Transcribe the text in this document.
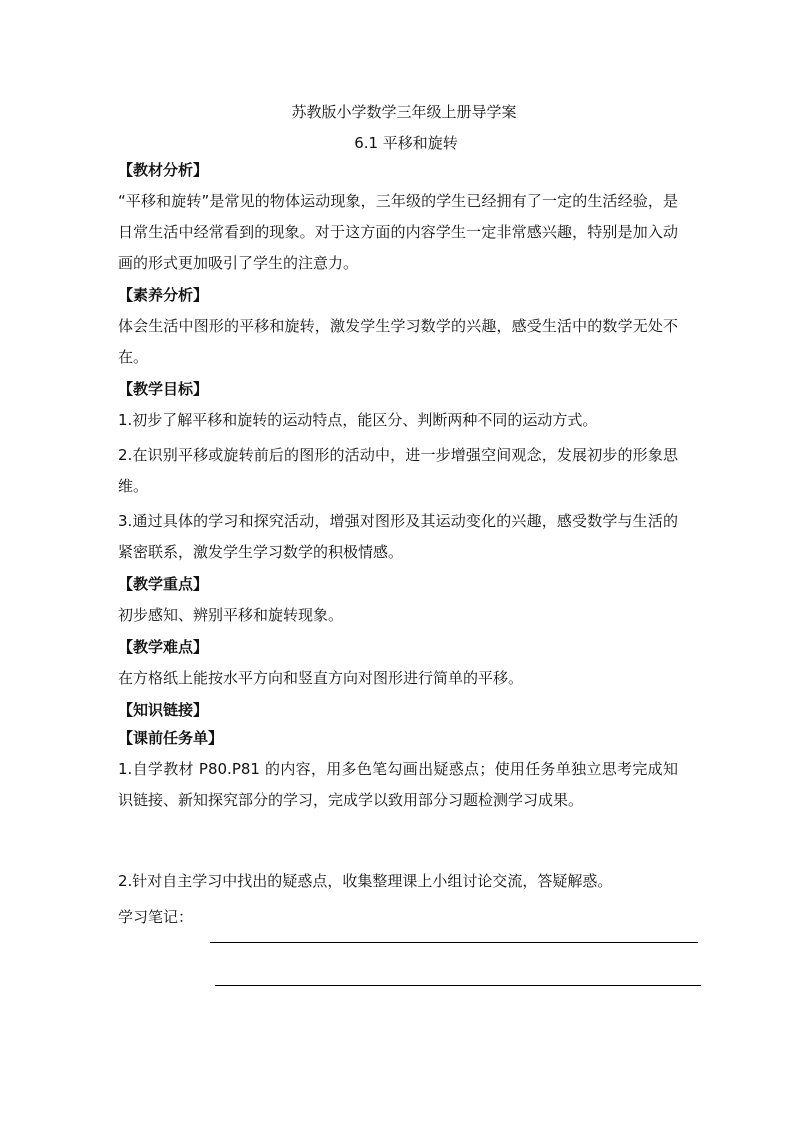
苏教版小学数学三年级上册导学案

6.1 平移和旋转

【教材分析】

“平移和旋转”是常见的物体运动现象，三年级的学生已经拥有了一定的生活经验，是日常生活中经常看到的现象。对于这方面的内容学生一定非常感兴趣，特别是加入动画的形式更加吸引了学生的注意力。

【素养分析】

体会生活中图形的平移和旋转，激发学生学习数学的兴趣，感受生活中的数学无处不在。

【教学目标】

1.初步了解平移和旋转的运动特点，能区分、判断两种不同的运动方式。

2.在识别平移或旋转前后的图形的活动中，进一步增强空间观念，发展初步的形象思维。

3.通过具体的学习和探究活动，增强对图形及其运动变化的兴趣，感受数学与生活的紧密联系，激发学生学习数学的积极情感。

【教学重点】

初步感知、辨别平移和旋转现象。

【教学难点】

在方格纸上能按水平方向和竖直方向对图形进行简单的平移。

【知识链接】

【课前任务单】

1.自学教材 P80.P81 的内容，用多色笔勾画出疑惑点；使用任务单独立思考完成知识链接、新知探究部分的学习，完成学以致用部分习题检测学习成果。

2.针对自主学习中找出的疑惑点，收集整理课上小组讨论交流，答疑解惑。

学习笔记：
